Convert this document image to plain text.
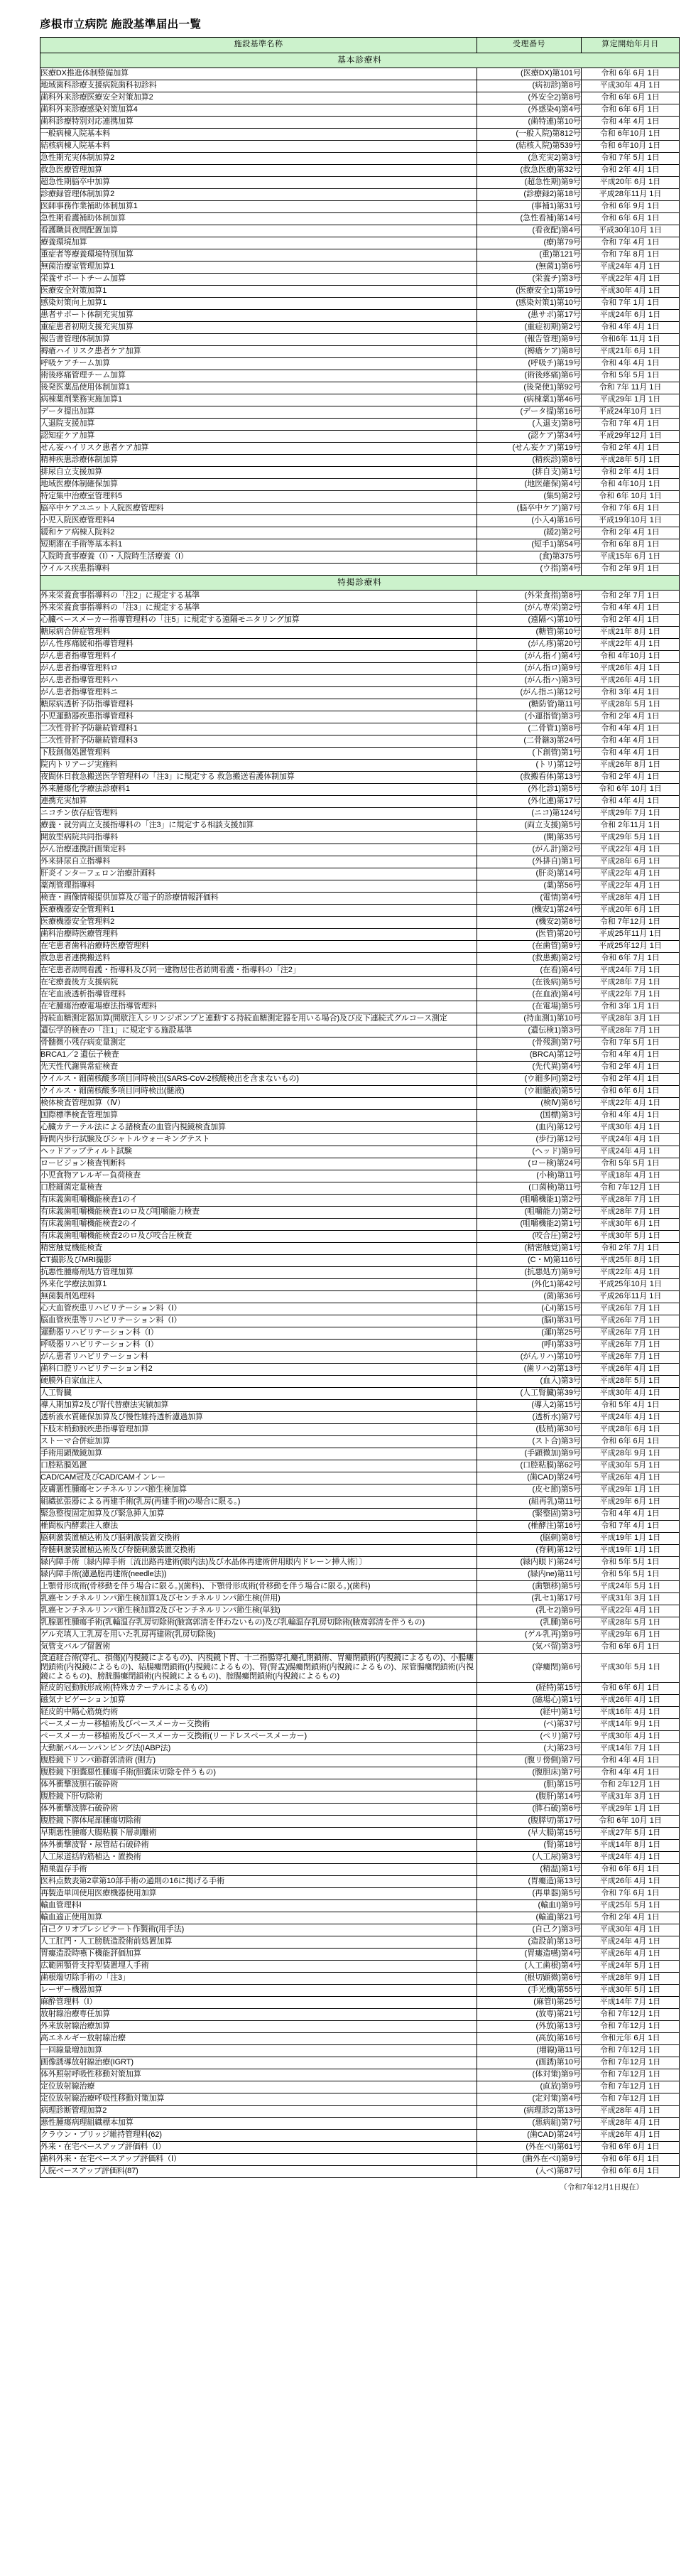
彦根市立病院 施設基準届出一覧
施設基準名称	受理番号	算定開始年月日
基本診療料		
医療DX推進体制整備加算	(医療DX)第101号	令和 6年 6月 1日
地域歯科診療支援病院歯科初診料	(病初診)第8号	平成30年 4月 1日
歯科外来診療医療安全対策加算2	(外安全2)第8号	令和 6年 6月 1日
歯科外来診療感染対策加算4	(外感染4)第4号	令和 6年 6月 1日
歯科診療特別対応連携加算	(歯特連)第10号	令和 4年 4月 1日
一般病棟入院基本料	(一般入院)第812号	令和 6年10月 1日
結核病棟入院基本料	(結核入院)第539号	令和 6年10月 1日
急性期充実体制加算2	(急充実2)第3号	令和 7年 5月 1日
救急医療管理加算	(救急医療)第32号	令和 2年 4月 1日
超急性期脳卒中加算	(超急性期)第9号	平成20年 6月 1日
診療録管理体制加算2	(診療録2)第18号	平成28年11月 1日
医師事務作業補助体制加算1	(事補1)第31号	令和 6年 9月 1日
急性期看護補助体制加算	(急性看補)第14号	令和 6年 6月 1日
看護職員夜間配置加算	(看夜配)第4号	平成30年10月 1日
療養環境加算	(療)第79号	令和 7年 4月 1日
重症者等療養環境特別加算	(重)第121号	令和 7年 8月 1日
無菌治療室管理加算1	(無菌1)第6号	平成24年 4月 1日
栄養サポートチーム加算	(栄養チ)第3号	平成22年 4月 1日
医療安全対策加算1	(医療安全1)第19号	平成30年 4月 1日
感染対策向上加算1	(感染対策1)第10号	令和 7年 1月 1日
患者サポート体制充実加算	(患サポ)第17号	平成24年 6月 1日
重症患者初期支援充実加算	(重症初期)第2号	令和 4年 4月 1日
報告書管理体制加算	(報告管理)第9号	令和6年 11月 1日
褥瘡ハイリスク患者ケア加算	(褥瘡ケア)第8号	平成21年 6月 1日
呼吸ケアチーム加算	(呼吸チ)第19号	令和 4年 4月 1日
術後疼痛管理チーム加算	(術後疼痛)第6号	令和 5年 5月 1日
後発医薬品使用体制加算1	(後発使1)第92号	令和 7年 11月 1日
病棟薬剤業務実施加算1	(病棟薬1)第46号	平成29年 1月 1日
データ提出加算	(データ提)第16号	平成24年10月 1日
入退院支援加算	(入退支)第8号	令和 7年 4月 1日
認知症ケア加算	(認ケア)第34号	平成29年12月 1日
せん妄ハイリスク患者ケア加算	(せん妄ケア)第19号	令和 2年 4月 1日
精神疾患診療体制加算	(精疾診)第8号	平成28年 5月 1日
排尿自立支援加算	(排自支)第1号	令和 2年 4月 1日
地域医療体制確保加算	(地医確保)第4号	令和 4年10月 1日
特定集中治療室管理料5	(集5)第2号	令和 6年 10月 1日
脳卒中ケアユニット入院医療管理料	(脳卒中ケア)第7号	令和 7年 6月 1日
小児入院医療管理料4	(小入4)第16号	平成19年10月 1日
緩和ケア病棟入院料2	(緩2)第2号	令和 2年 4月 1日
短期滞在手術等基本料1	(短手1)第54号	令和 6年 8月 1日
入院時食事療養（Ⅰ）・入院時生活療養（Ⅰ）	(食)第375号	平成15年 6月 1日
ウイルス疾患指導料	(ウ指)第4号	令和 2年 9月 1日
特掲診療料		
外来栄養食事指導料の「注2」に規定する基準	(外栄食指)第8号	令和 2年 7月 1日
外来栄養食事指導料の「注3」に規定する基準	(がん専栄)第2号	令和 4年 4月 1日
心臓ペースメーカー指導管理料の「注5」に規定する遠隔モニタリング加算	(遠隔ペ)第10号	令和 2年 4月 1日
糖尿病合併症管理料	(糖管)第10号	平成21年 8月 1日
がん性疼痛緩和指導管理料	(がん疼)第20号	平成22年 4月 1日
がん患者指導管理料イ	(がん指イ)第4号	令和 4年10月 1日
がん患者指導管理料ロ	(がん指ロ)第9号	平成26年 4月 1日
がん患者指導管理料ハ	(がん指ハ)第3号	平成26年 4月 1日
がん患者指導管理料ニ	(がん指ニ)第12号	令和 3年 4月 1日
糖尿病透析予防指導管理料	(糖防管)第11号	平成28年 5月 1日
小児運動器疾患指導管理料	(小運指管)第3号	令和 2年 4月 1日
二次性骨折予防継続管理料1	(二骨管1)第8号	令和 4年 4月 1日
二次性骨折予防継続管理料3	(二骨継3)第24号	令和 4年 4月 1日
下肢創傷処置管理料	(下創管)第1号	令和 4年 4月 1日
院内トリアージ実施料	(トリ)第12号	平成26年 8月 1日
夜間休日救急搬送医学管理料の「注3」に規定する 救急搬送看護体制加算	(救搬看体)第13号	令和 2年 4月 1日
外来腫瘍化学療法診療料1	(外化診1)第5号	令和 6年 10月 1日
連携充実加算	(外化連)第17号	令和 4年 4月 1日
ニコチン依存症管理料	(ニコ)第124号	平成29年 7月 1日
療養・就労両立支援指導料の「注3」に規定する相談支援加算	(両立支援)第5号	令和 2年11月 1日
開放型病院共同指導料	(開)第35号	平成29年 5月 1日
がん治療連携計画策定料	(がん計)第2号	平成22年 4月 1日
外来排尿自立指導料	(外排自)第1号	平成28年 6月 1日
肝炎インターフェロン治療計画料	(肝炎)第14号	平成22年 4月 1日
薬剤管理指導料	(薬)第56号	平成22年 4月 1日
検査・画像情報提供加算及び電子的診療情報評価料	(電情)第4号	平成28年 4月 1日
医療機器安全管理料1	(機安1)第24号	平成20年 6月 1日
医療機器安全管理料2	(機安2)第8号	令和 7年12月 1日
歯科治療時医療管理料	(医管)第20号	平成25年11月 1日
在宅患者歯科治療時医療管理料	(在歯管)第9号	平成25年12月 1日
救急患者連携搬送料	(救患搬)第2号	令和 6年 7月 1日
在宅患者訪問看護・指導料及び同一建物居住者訪問看護・指導料の「注2」	(在看)第4号	平成24年 7月 1日
在宅療養後方支援病院	(在後病)第5号	平成28年 7月 1日
在宅血液透析指導管理料	(在血液)第4号	平成22年 7月 1日
在宅腫瘍治療電場療法指導管理料	(在電場)第5号	令和 3年 1月 1日
持続血糖測定器加算(間歇注入シリンジポンプと連動する持続血糖測定器を用いる場合)及び皮下連続式グルコース測定	(持血測1)第10号	平成28年 3月 1日
遺伝学的検査の「注1」に規定する施設基準	(遺伝検1)第3号	平成28年 7月 1日
骨髄微小残存病変量測定	(骨残測)第7号	令和 7年 5月 1日
BRCA1／2 遺伝子検査	(BRCA)第12号	令和 4年 4月 1日
先天性代謝異常症検査	(先代異)第4号	令和 2年 4月 1日
ウイルス・細菌核酸多項目同時検出(SARS-CoV-2核酸検出を含まないもの)	(ウ細多同)第2号	令和 2年 4月 1日
ウイルス・細菌核酸多項目同時検出(髄液)	(ウ細髄液)第5号	令和 6年 6月 1日
検体検査管理加算（Ⅳ）	(検Ⅳ)第6号	平成22年 4月 1日
国際標準検査管理加算	(国標)第3号	令和 4年 4月 1日
心臓カテーテル法による諸検査の血管内視鏡検査加算	(血内)第12号	平成30年 4月 1日
時間内歩行試験及びシャトルウォーキングテスト	(歩行)第12号	平成24年 4月 1日
ヘッドアップティルト試験	(ヘッド)第9号	平成24年 4月 1日
ロービジョン検査判断料	(ロー検)第24号	令和 5年 5月 1日
小児食物アレルギー負荷検査	(小検)第11号	平成18年 4月 1日
口腔細菌定量検査	(口菌検)第11号	令和 7年12月 1日
有床義歯咀嚼機能検査1のイ	(咀嚼機能1)第2号	平成28年 7月 1日
有床義歯咀嚼機能検査1のロ及び咀嚼能力検査	(咀嚼能力)第2号	平成28年 7月 1日
有床義歯咀嚼機能検査2のイ	(咀嚼機能2)第1号	平成30年 6月 1日
有床義歯咀嚼機能検査2のロ及び咬合圧検査	(咬合圧)第2号	平成30年 5月 1日
精密触覚機能検査	(精密触覚)第1号	令和 2年 7月 1日
CT撮影及びMRI撮影	(C・M)第116号	平成25年 8月 1日
抗悪性腫瘍剤処方管理加算	(抗悪処方)第9号	平成22年 4月 1日
外来化学療法加算1	(外化1)第42号	平成25年10月 1日
無菌製剤処理料	(菌)第36号	平成26年11月 1日
心大血管疾患リハビリテーション料（Ⅰ）	(心Ⅰ)第15号	平成26年 7月 1日
脳血管疾患等リハビリテーション料（Ⅰ）	(脳Ⅰ)第31号	平成26年 7月 1日
運動器リハビリテーション料（Ⅰ）	(運Ⅰ)第25号	平成26年 7月 1日
呼吸器リハビリテーション料（Ⅰ）	(呼Ⅰ)第33号	平成26年 7月 1日
がん患者リハビリテーション料	(がんリハ)第10号	平成26年 7月 1日
歯科口腔リハビリテーション料2	(歯リハ2)第13号	平成26年 4月 1日
硬膜外自家血注入	(血入)第3号	平成28年 5月 1日
人工腎臓	(人工腎臓)第39号	平成30年 4月 1日
導入期加算2及び腎代替療法実績加算	(導入2)第15号	令和 5年 4月 1日
透析液水質確保加算及び慢性維持透析濾過加算	(透析水)第7号	平成24年 4月 1日
下肢末梢動脈疾患指導管理加算	(肢梢)第30号	平成28年 6月 1日
ストーマ合併症加算	(スト合)第3号	令和 6年 6月 1日
手術用顕微鏡加算	(手顕微加)第9号	平成28年 9月 1日
口腔粘膜処置	(口腔粘膜)第62号	平成30年 5月 1日
CAD/CAM冠及びCAD/CAMインレー	(歯CAD)第24号	平成26年 4月 1日
皮膚悪性腫瘍センチネルリンパ節生検加算	(皮セ節)第5号	平成29年 1月 1日
組織拡張器による再建手術(乳房(再建手術)の場合に限る。)	(組再乳)第11号	平成29年 6月 1日
緊急整復固定加算及び緊急挿入加算	(緊整固)第3号	令和 4年 4月 1日
椎間板内酵素注入療法	(椎酵注)第16号	令和 7年 4月 1日
脳刺激装置植込術及び脳刺激装置交換術	(脳刺)第8号	平成19年 1月 1日
脊髄刺激装置植込術及び脊髄刺激装置交換術	(脊刺)第12号	平成19年 1月 1日
緑内障手術〔緑内障手術〔流出路再建術(眼内法)及び水晶体再建術併用眼内ドレーン挿入術〕〕	(緑内眼ド)第24号	令和 5年 5月 1日
緑内障手術(濾過胞再建術(needle法))	(緑内ne)第11号	令和 5年 5月 1日
上顎骨形成術(骨移動を伴う場合に限る。)(歯科)、下顎骨形成術(骨移動を伴う場合に限る。)(歯科)	(歯顎移)第5号	平成24年 5月 1日
乳癌センチネルリンパ節生検加算1及びセンチネルリンパ節生検(併用)	(乳セ1)第17号	平成31年 3月 1日
乳癌センチネルリンパ節生検加算2及びセンチネルリンパ節生検(単独)	(乳セ2)第9号	平成22年 4月 1日
乳腺悪性腫瘍手術(乳輪温存乳房切除術(腋窩郭清を伴わないもの)及び乳輪温存乳房切除術(腋窩郭清を伴うもの)	(乳腫)第6号	平成28年 5月 1日
ゲル充填人工乳房を用いた乳房再建術(乳房切除後)	(ゲル乳再)第9号	平成29年 6月 1日
気管支バルブ留置術	(気バ留)第3号	令和 6年 6月 1日
食道経合術(穿孔、損傷)(内視鏡によるもの)、内視鏡下胃、十二指腸穿孔瘻孔閉鎖術、胃瘻閉鎖術(内視鏡によるもの)、小腸瘻閉鎖術(内視鏡によるもの)、結腸瘻閉鎖術(内視鏡によるもの)、腎(腎盂)腸瘻閉鎖術(内視鏡によるもの)、尿管腸瘻閉鎖術(内視鏡によるもの)、膀胱腸瘻閉鎖術(内視鏡によるもの)、腟腸瘻閉鎖術(内視鏡によるもの)	(穿瘻閉)第6号	平成30年 5月 1日
経皮的冠動脈形成術(特殊カテーテルによるもの)	(経特)第15号	令和 6年 6月 1日
磁気ナビゲーション加算	(磁場心)第1号	平成26年 4月 1日
経皮的中隔心筋焼灼術	(経中)第1号	平成16年 4月 1日
ペースメーカー移植術及びペースメーカー交換術	(ペ)第37号	平成14年 9月 1日
ペースメーカー移植術及びペースメーカー交換術(リードレスペースメーカー)	(ペリ)第7号	平成30年 4月 1日
大動脈バルーンパンピング法(IABP法)	(大)第23号	平成14年 7月 1日
腹腔鏡下リンパ節群郭清術 (側方)	(腹リ傍側)第7号	令和 4年 4月 1日
腹腔鏡下胆嚢悪性腫瘍手術(胆嚢床切除を伴うもの)	(腹胆床)第7号	令和 4年 4月 1日
体外衝撃波胆石破砕術	(胆)第15号	令和 2年12月 1日
腹腔鏡下肝切除術	(腹肝)第14号	平成31年 3月 1日
体外衝撃波膵石破砕術	(膵石破)第6号	平成29年 1月 1日
腹腔鏡下膵体尾部腫瘍切除術	(腹膵切)第17号	令和 6年 10月 1日
早期悪性腫瘍大腸粘膜下層剥離術	(早大腸)第15号	平成27年 5月 1日
体外衝撃波腎・尿管結石破砕術	(腎)第18号	平成14年 8月 1日
人工尿道括約筋植込・置換術	(人工尿)第3号	平成24年 4月 1日
精巣温存手術	(精温)第1号	令和 6年 6月 1日
医科点数表第2章第10部手術の通則の16に掲げる手術	(胃瘻造)第13号	平成26年 4月 1日
再製造単回使用医療機器使用加算	(再単器)第5号	令和 7年 6月 1日
輸血管理料Ⅰ	(輸血I)第9号	平成25年 5月 1日
輸血適正使用加算	(輸適)第21号	令和 2年 4月 1日
自己クリオプレシピテート作製術(用手法)	(自己ク)第3号	平成30年 4月 1日
人工肛門・人工膀胱造設術前処置加算	(造設前)第13号	平成24年 4月 1日
胃瘻造設時嚥下機能評価加算	(胃瘻造嚥)第4号	平成26年 4月 1日
広範囲顎骨支持型装置埋入手術	(人工歯根)第4号	平成24年 5月 1日
歯根端切除手術の「注3」	(根切顕微)第6号	平成28年 9月 1日
レーザー機器加算	(手光機)第55号	平成30年 5月 1日
麻酔管理料（Ⅰ）	(麻管Ⅰ)第25号	平成14年 7月 1日
放射線治療専任加算	(放専)第21号	令和 7年12月 1日
外来放射線治療加算	(外放)第13号	令和 7年12月 1日
高エネルギー放射線治療	(高放)第16号	令和元年 6月 1日
一回線量増加加算	(増線)第11号	令和 7年12月 1日
画像誘導放射線治療(IGRT)	(画誘)第10号	令和 7年12月 1日
体外照射呼吸性移動対策加算	(体対策)第9号	令和 7年12月 1日
定位放射線治療	(直放)第9号	令和 7年12月 1日
定位放射線治療呼吸性移動対策加算	(定対策)第4号	令和 7年12月 1日
病理診断管理加算2	(病理診2)第13号	平成28年 4月 1日
悪性腫瘍病理組織標本加算	(悪病組)第7号	平成28年 4月 1日
クラウン・ブリッジ維持管理料(62)	(歯CAD)第24号	平成26年 4月 1日
外来・在宅ベースアップ評価料（Ⅰ）	(外在ベI)第61号	令和 6年 6月 1日
歯科外来・在宅ベースアップ評価料（Ⅰ）	(歯外在ベI)第9号	令和 6年 6月 1日
入院ベースアップ評価料(87)	(入ベ)第87号	令和 6年 6月 1日
（令和7年12月1日現在）
